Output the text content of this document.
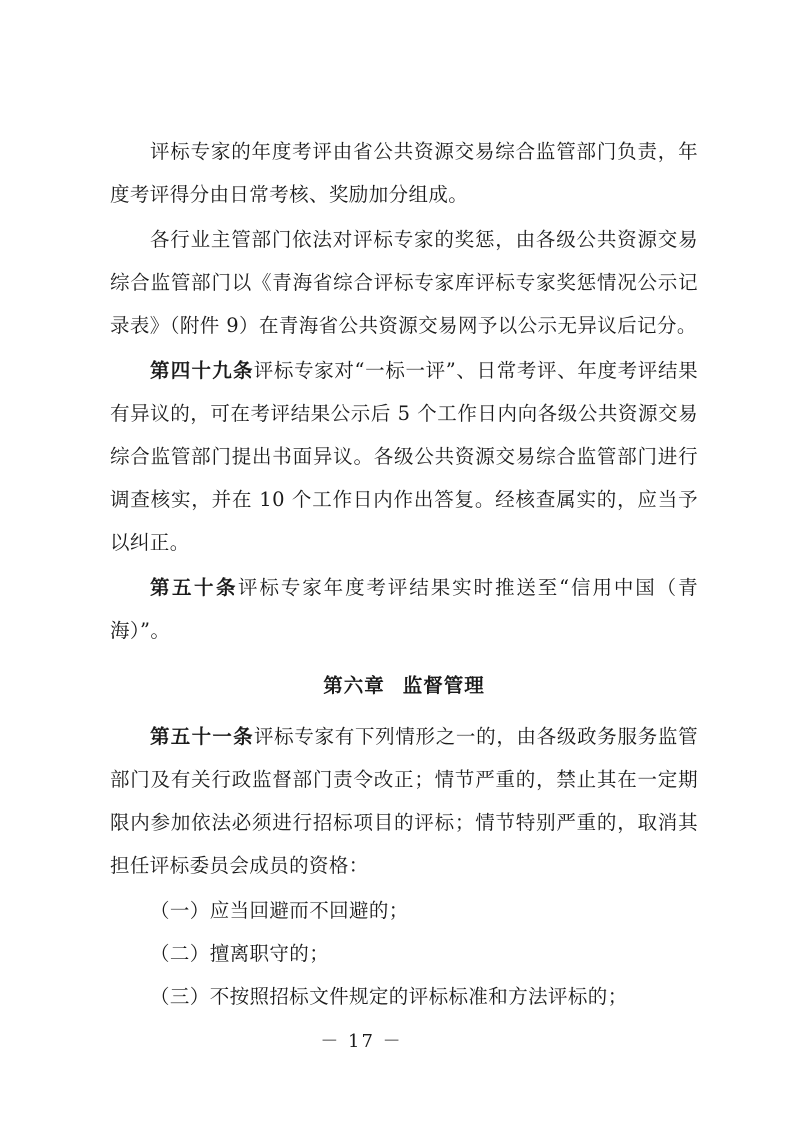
评标专家的年度考评由省公共资源交易综合监管部门负责，年度考评得分由日常考核、奖励加分组成。

各行业主管部门依法对评标专家的奖惩，由各级公共资源交易综合监管部门以《青海省综合评标专家库评标专家奖惩情况公示记录表》（附件 9）在青海省公共资源交易网予以公示无异议后记分。

第四十九条评标专家对“一标一评”、日常考评、年度考评结果有异议的，可在考评结果公示后 5 个工作日内向各级公共资源交易综合监管部门提出书面异议。各级公共资源交易综合监管部门进行调查核实，并在 10 个工作日内作出答复。经核查属实的，应当予以纠正。

第五十条评标专家年度考评结果实时推送至“信用中国（青海）”。

第六章 监督管理

第五十一条评标专家有下列情形之一的，由各级政务服务监管部门及有关行政监督部门责令改正；情节严重的，禁止其在一定期限内参加依法必须进行招标项目的评标；情节特别严重的，取消其担任评标委员会成员的资格：

（一）应当回避而不回避的；

（二）擅离职守的；

（三）不按照招标文件规定的评标标准和方法评标的；

－ 17 －
